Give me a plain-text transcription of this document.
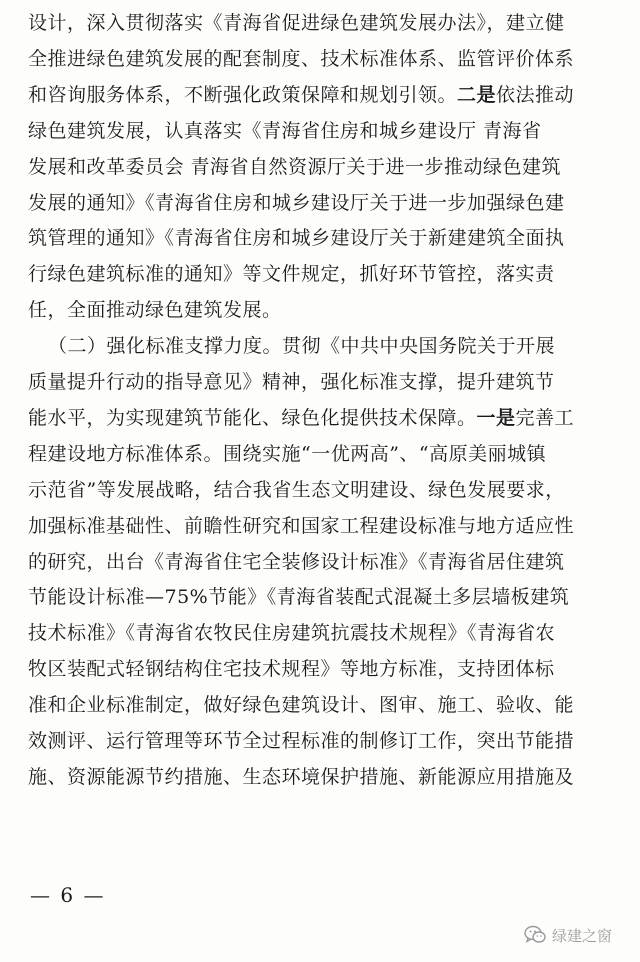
设计，深入贯彻落实《青海省促进绿色建筑发展办法》，建立健
全推进绿色建筑发展的配套制度、技术标准体系、监管评价体系
和咨询服务体系，不断强化政策保障和规划引领。二是依法推动
绿色建筑发展，认真落实《青海省住房和城乡建设厅 青海省
发展和改革委员会 青海省自然资源厅关于进一步推动绿色建筑
发展的通知》《青海省住房和城乡建设厅关于进一步加强绿色建
筑管理的通知》《青海省住房和城乡建设厅关于新建建筑全面执
行绿色建筑标准的通知》等文件规定，抓好环节管控，落实责
任，全面推动绿色建筑发展。
（二）强化标准支撑力度。贯彻《中共中央国务院关于开展
质量提升行动的指导意见》精神，强化标准支撑，提升建筑节
能水平，为实现建筑节能化、绿色化提供技术保障。一是完善工
程建设地方标准体系。围绕实施“一优两高”、“高原美丽城镇
示范省”等发展战略，结合我省生态文明建设、绿色发展要求，
加强标准基础性、前瞻性研究和国家工程建设标准与地方适应性
的研究，出台《青海省住宅全装修设计标准》《青海省居住建筑
节能设计标准—75%节能》《青海省装配式混凝土多层墙板建筑
技术标准》《青海省农牧民住房建筑抗震技术规程》《青海省农
牧区装配式轻钢结构住宅技术规程》等地方标准，支持团体标
准和企业标准制定，做好绿色建筑设计、图审、施工、验收、能
效测评、运行管理等环节全过程标准的制修订工作，突出节能措
施、资源能源节约措施、生态环境保护措施、新能源应用措施及
— 6 —
绿建之窗
